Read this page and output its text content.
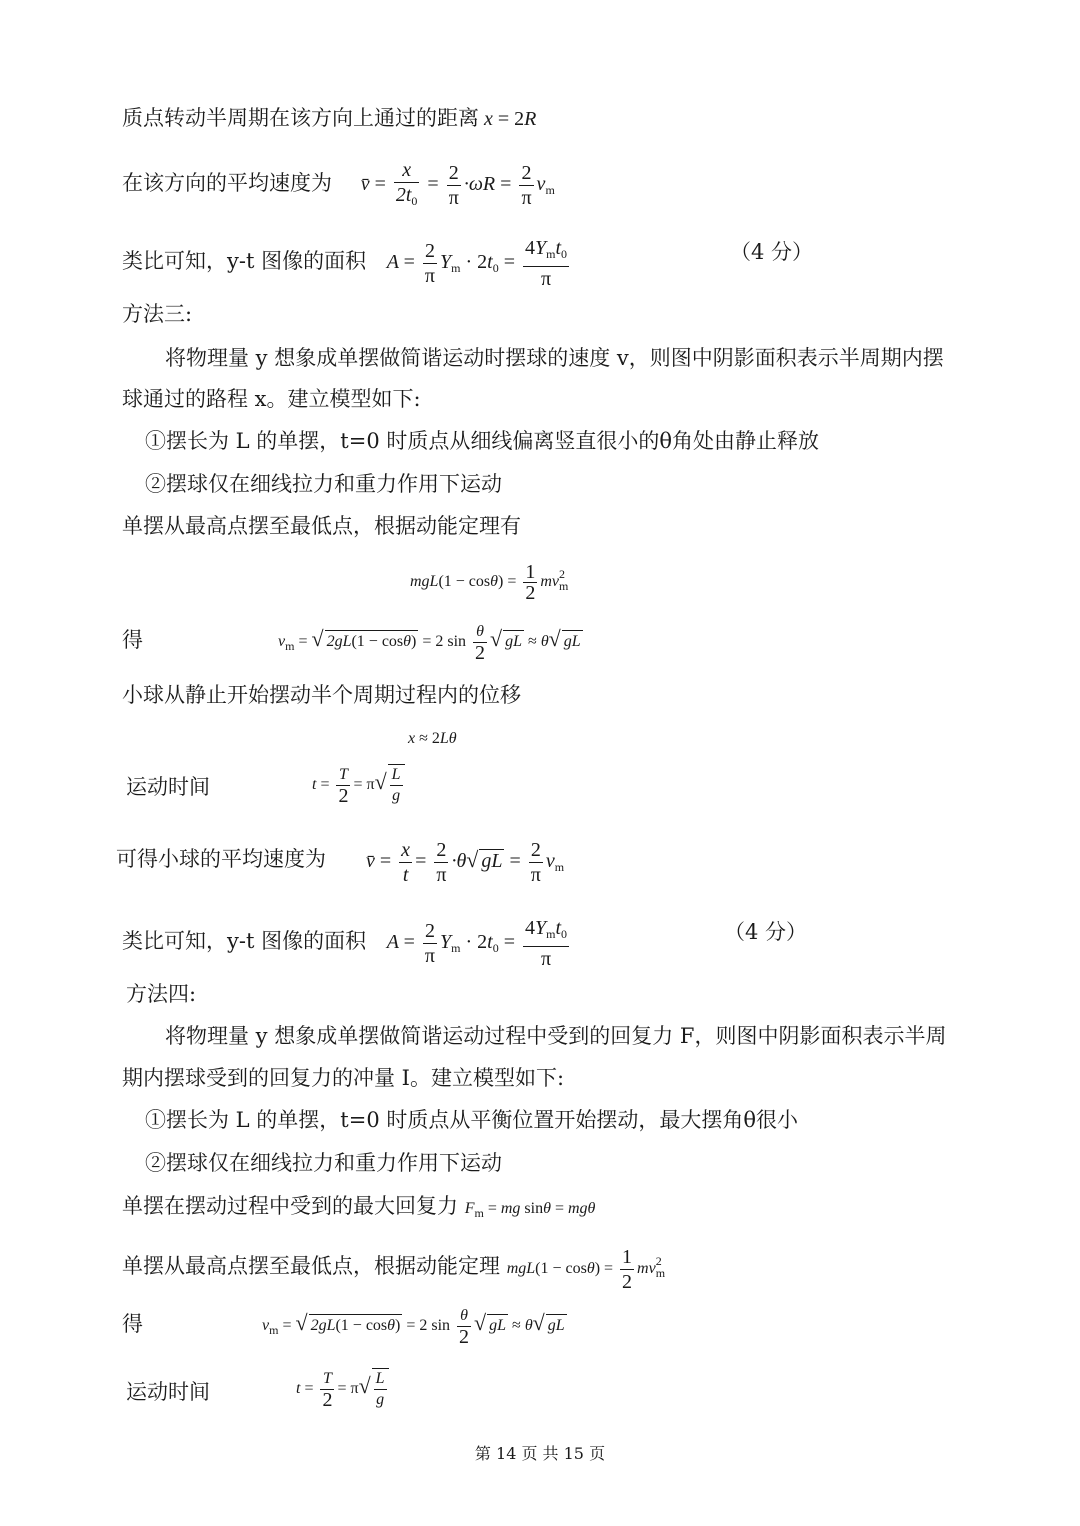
质点转动半周期在该方向上通过的距离 x = 2R
在该方向的平均速度为 v̄ = $\frac{x}{2t_0} = \frac{2}{\pi} \cdot\omega R = \frac{2}{\pi} v_m$
类比可知，y-t 图像的面积 $A = \frac{2}{\pi} Y_m \cdot 2t_0 = \frac{4Y_mt_0}{\pi}$	（4 分）
方法三:
将物理量 y 想象成单摆做简谐运动时摆球的速度 v，则图中阴影面积表示半周期内摆
球通过的路程 x。建立模型如下:
①摆长为 L 的单摆，t=0 时质点从细线偏离竖直很小的θ角处由静止释放
②摆球仅在细线拉力和重力作用下运动
单摆从最高点摆至最低点，根据动能定理有
$mgL(1 - \cos\theta) = \frac{1}{2} mv^2_m$
得	$v_m$ = √ 2gL(1 − cosθ) = 2 $\sin \frac{\theta}{2}$ √ gL ≈ θ√ gL
小球从静止开始摆动半个周期过程内的位移
x ≈ 2Lθ
运动时间	$t = \frac{T}{2} = \pi√ \frac{L}{g}$
可得小球的平均速度为 v̄ = $\frac{x}{t} = \frac{2}{\pi} \cdot\theta√$ gL = $\frac{2}{\pi} v_m$
类比可知，y-t 图像的面积 $A = \frac{2}{\pi} Y_m \cdot 2t_0 = \frac{4Y_mt_0}{\pi}$	（4 分）
方法四:
将物理量 y 想象成单摆做简谐运动过程中受到的回复力 F，则图中阴影面积表示半周
期内摆球受到的回复力的冲量 I。建立模型如下:
①摆长为 L 的单摆，t=0 时质点从平衡位置开始摆动，最大摆角θ很小
②摆球仅在细线拉力和重力作用下运动
单摆在摆动过程中受到的最大回复力 $F_m$ = mg sinθ = mgθ
单摆从最高点摆至最低点，根据动能定理 $mgL(1 - \cos\theta) = \frac{1}{2} mv^2_m$
得	$v_m$ = √ 2gL(1 − cosθ) = 2 $\sin \frac{\theta}{2}$ √ gL ≈ θ√ gL
运动时间	$t = \frac{T}{2} = \pi√ \frac{L}{g}$
第 14 页 共 15 页
